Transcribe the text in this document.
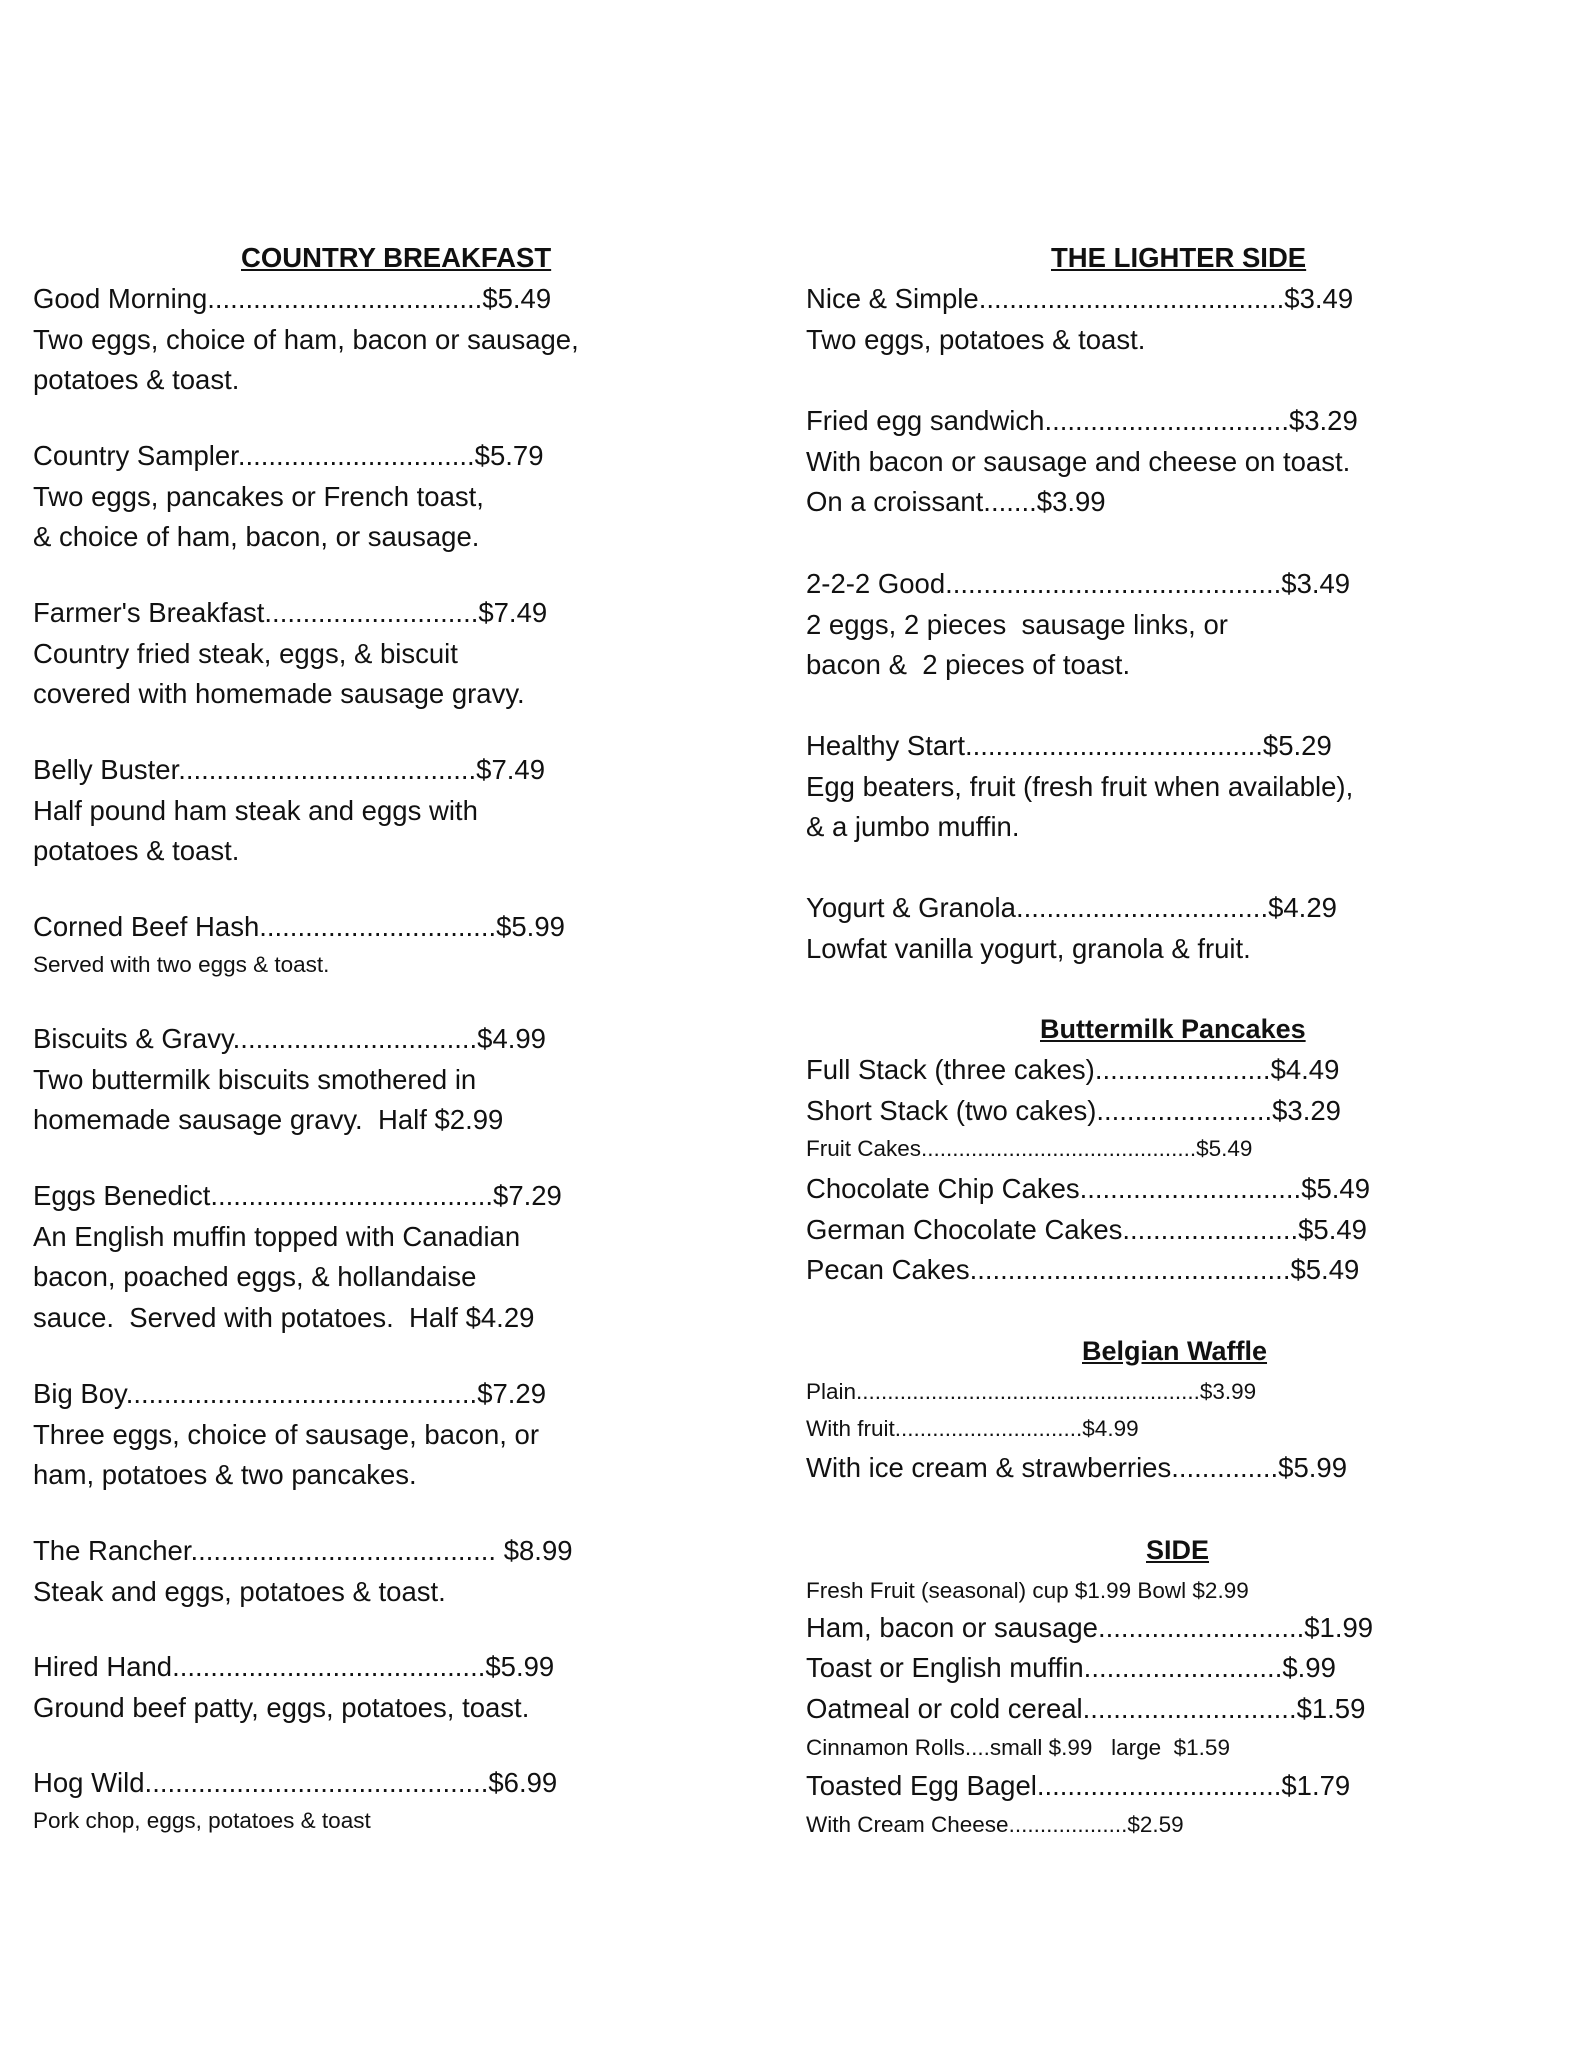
COUNTRY BREAKFAST
Good Morning....................................$5.49
Two eggs, choice of ham, bacon or sausage,
potatoes & toast.
Country Sampler...............................$5.79
Two eggs, pancakes or French toast,
& choice of ham, bacon, or sausage.
Farmer's Breakfast............................$7.49
Country fried steak, eggs, & biscuit
covered with homemade sausage gravy.
Belly Buster.......................................$7.49
Half pound ham steak and eggs with
potatoes & toast.
Corned Beef Hash...............................$5.99
Served with two eggs & toast.
Biscuits & Gravy................................$4.99
Two buttermilk biscuits smothered in
homemade sausage gravy.  Half $2.99
Eggs Benedict.....................................$7.29
An English muffin topped with Canadian
bacon, poached eggs, & hollandaise
sauce.  Served with potatoes.  Half $4.29
Big Boy..............................................$7.29
Three eggs, choice of sausage, bacon, or
ham, potatoes & two pancakes.
The Rancher........................................ $8.99
Steak and eggs, potatoes & toast.
Hired Hand.........................................$5.99
Ground beef patty, eggs, potatoes, toast.
Hog Wild.............................................$6.99
Pork chop, eggs, potatoes & toast
THE LIGHTER SIDE
Nice & Simple........................................$3.49
Two eggs, potatoes & toast.
Fried egg sandwich................................$3.29
With bacon or sausage and cheese on toast.
On a croissant.......$3.99
2-2-2 Good............................................$3.49
2 eggs, 2 pieces  sausage links, or
bacon &  2 pieces of toast.
Healthy Start.......................................$5.29
Egg beaters, fruit (fresh fruit when available),
& a jumbo muffin.
Yogurt & Granola.................................$4.29
Lowfat vanilla yogurt, granola & fruit.
Buttermilk Pancakes
Full Stack (three cakes).......................$4.49
Short Stack (two cakes).......................$3.29
Fruit Cakes............................................$5.49
Chocolate Chip Cakes.............................$5.49
German Chocolate Cakes.......................$5.49
Pecan Cakes..........................................$5.49
Belgian Waffle
Plain.......................................................$3.99
With fruit..............................$4.99
With ice cream & strawberries..............$5.99
SIDE
Fresh Fruit (seasonal) cup $1.99 Bowl $2.99
Ham, bacon or sausage...........................$1.99
Toast or English muffin..........................$.99
Oatmeal or cold cereal............................$1.59
Cinnamon Rolls....small $.99   large  $1.59
Toasted Egg Bagel................................$1.79
With Cream Cheese...................$2.59
